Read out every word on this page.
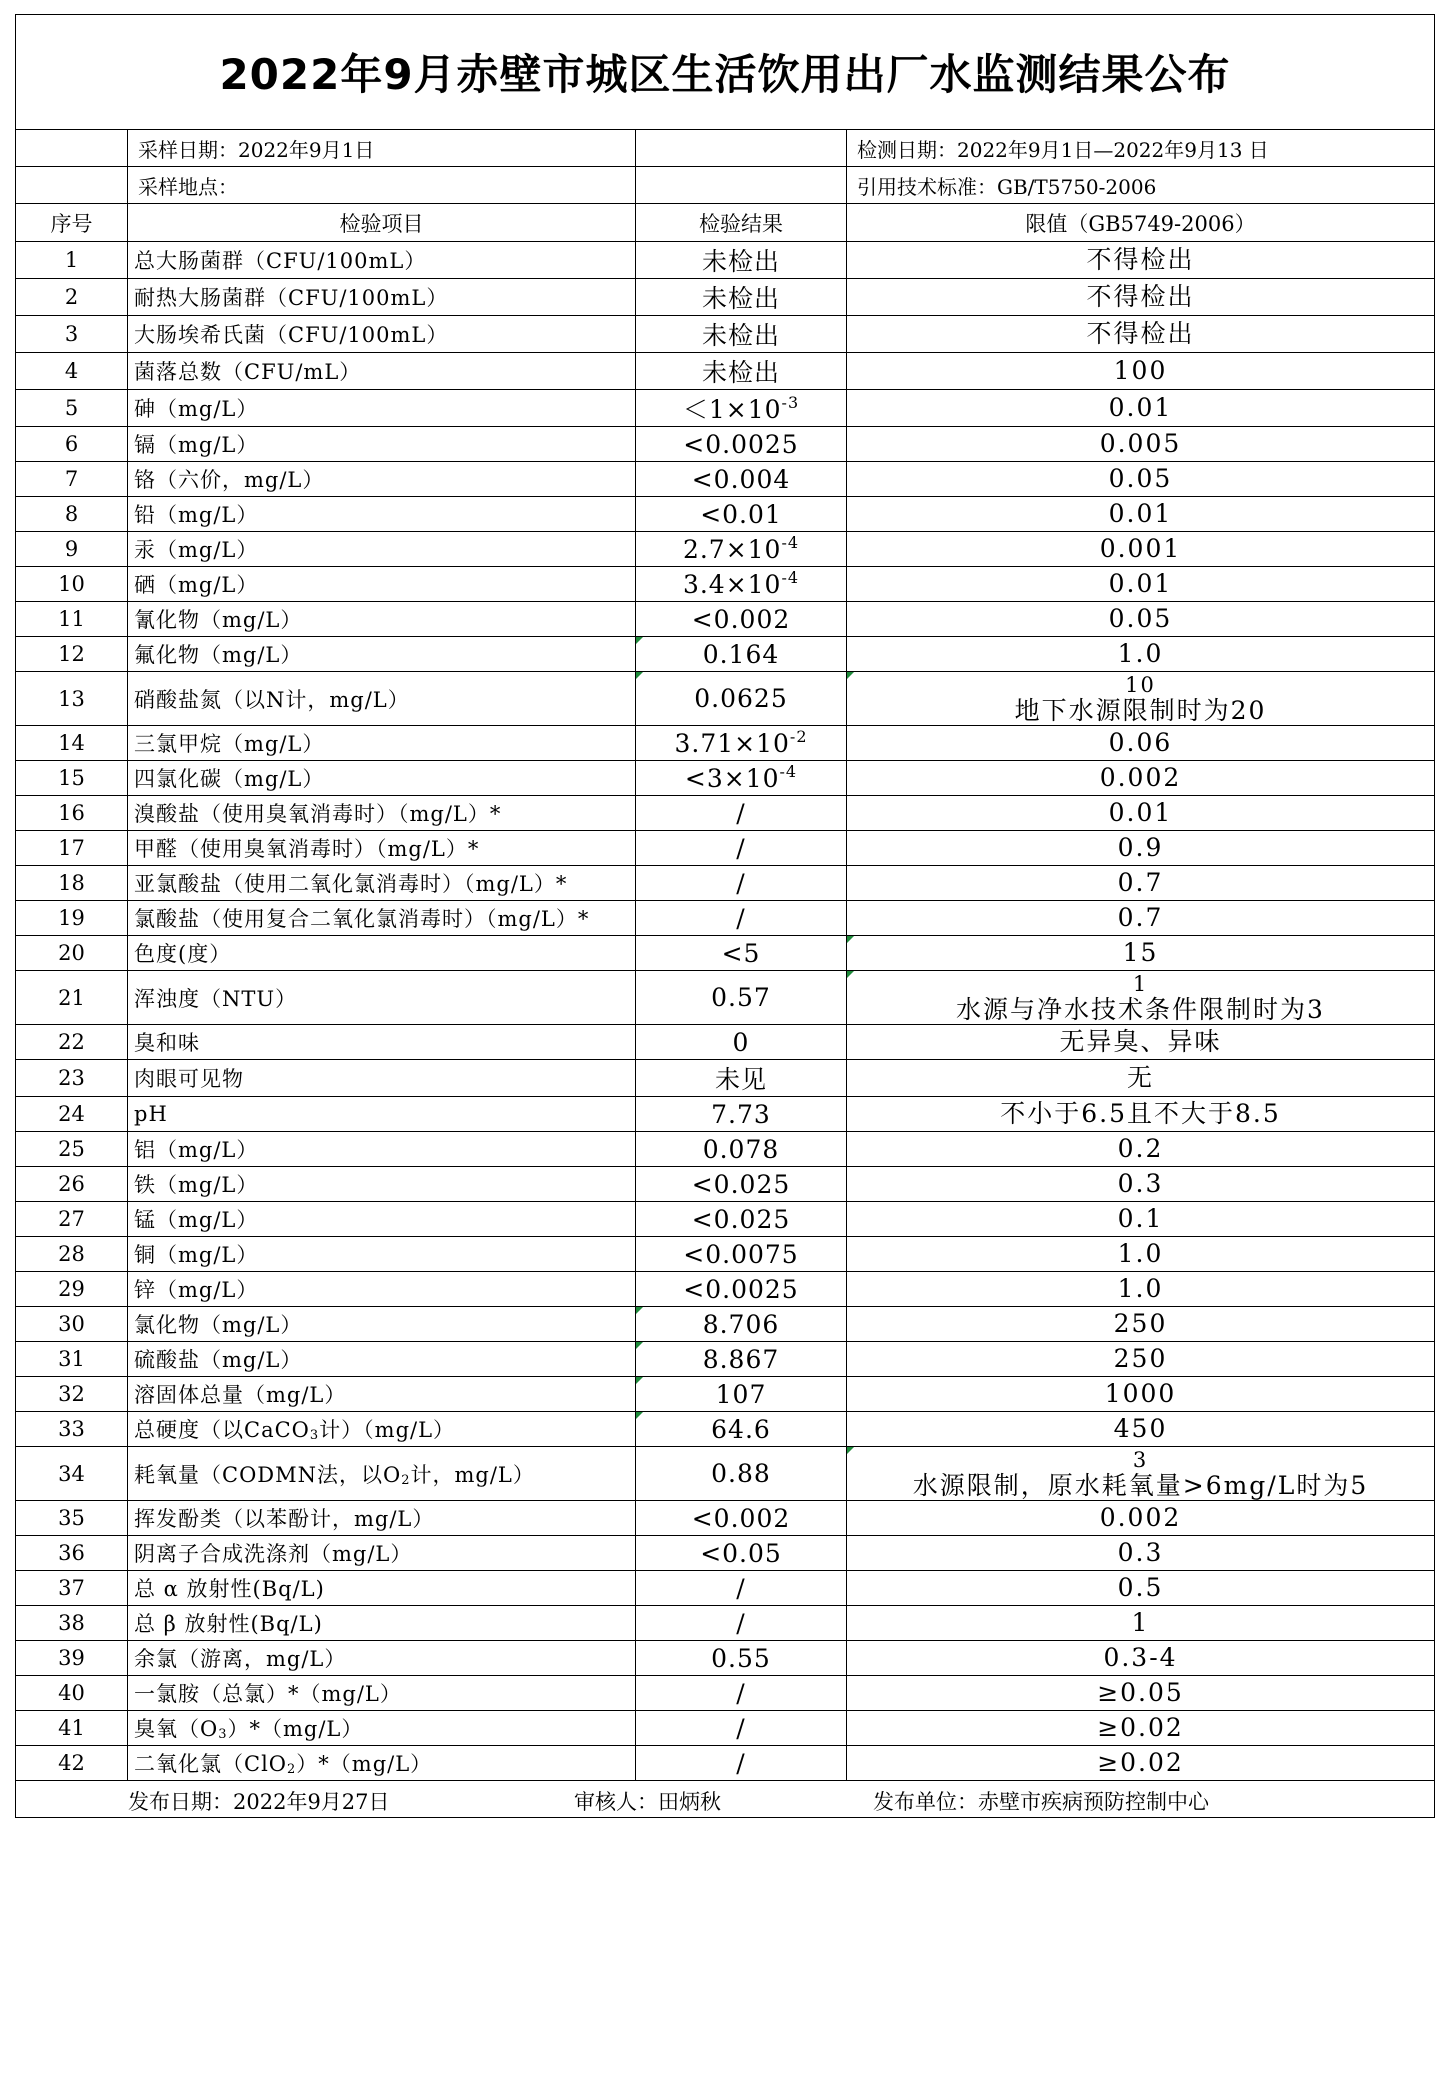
2022年9月赤壁市城区生活饮用出厂水监测结果公布			
	采样日期：2022年9月1日		检测日期：2022年9月1日—2022年9月13 日
	采样地点：		引用技术标准：GB/T5750-2006
序号	检验项目	检验结果	限值（GB5749-2006）
1	总大肠菌群（CFU/100mL）	未检出	不得检出
2	耐热大肠菌群（CFU/100mL）	未检出	不得检出
3	大肠埃希氏菌（CFU/100mL）	未检出	不得检出
4	菌落总数（CFU/mL）	未检出	100
5	砷（mg/L）	$<1\times 10^{-3}$	0.01
6	镉（mg/L）	<0.0025	0.005
7	铬（六价，mg/L）	<0.004	0.05
8	铅（mg/L）	<0.01	0.01
9	汞（mg/L）	$2.7\times 10^{-4}$	0.001
10	硒（mg/L）	$3.4\times 10^{-4}$	0.01
11	氰化物（mg/L）	<0.002	0.05
12	氟化物（mg/L）	0.164	1.0
13	硝酸盐氮（以N计，mg/L）	0.0625	10
地下水源限制时为20

14	三氯甲烷（mg/L）	$3.71\times 10^{-2}$	0.06
15	四氯化碳（mg/L）	$<3\times 10^{-4}$	0.002
16	溴酸盐（使用臭氧消毒时）（mg/L）*	/	0.01
17	甲醛（使用臭氧消毒时）（mg/L）*	/	0.9
18	亚氯酸盐（使用二氧化氯消毒时）（mg/L）*	/	0.7
19	氯酸盐（使用复合二氧化氯消毒时）（mg/L）*	/	0.7
20	色度(度）	<5	15
21	浑浊度（NTU）	0.57	1
水源与净水技术条件限制时为3

22	臭和味	0	无异臭、异味
23	肉眼可见物	未见	无
24	pH	7.73	不小于6.5且不大于8.5
25	铝（mg/L）	0.078	0.2
26	铁（mg/L）	<0.025	0.3
27	锰（mg/L）	<0.025	0.1
28	铜（mg/L）	<0.0075	1.0
29	锌（mg/L）	<0.0025	1.0
30	氯化物（mg/L）	8.706	250
31	硫酸盐（mg/L）	8.867	250
32	溶固体总量（mg/L）	107	1000
33	总硬度（以CaCO$_3$计）（mg/L）	64.6	450
34	耗氧量（CODMN法，以$O_2$计，mg/L）	0.88	3
水源限制，原水耗氧量>6mg/L时为5

35	挥发酚类（以苯酚计，mg/L）	<0.002	0.002
36	阴离子合成洗涤剂（mg/L）	<0.05	0.3
37	总 α 放射性(Bq/L)	/	0.5
38	总 β 放射性(Bq/L)	/	1
39	余氯（游离，mg/L）	0.55	0.3-4
40	一氯胺（总氯）*（mg/L）	/	≥0.05
41	臭氧$(O_3)*(mg/L)$	/	≥0.02
42	二氧化氯（ClO$_2$）*（mg/L）	/	≥0.02

发布日期：2022年9月27日 审核人：田炳秋 发布单位：赤壁市疾病预防控制中心			
